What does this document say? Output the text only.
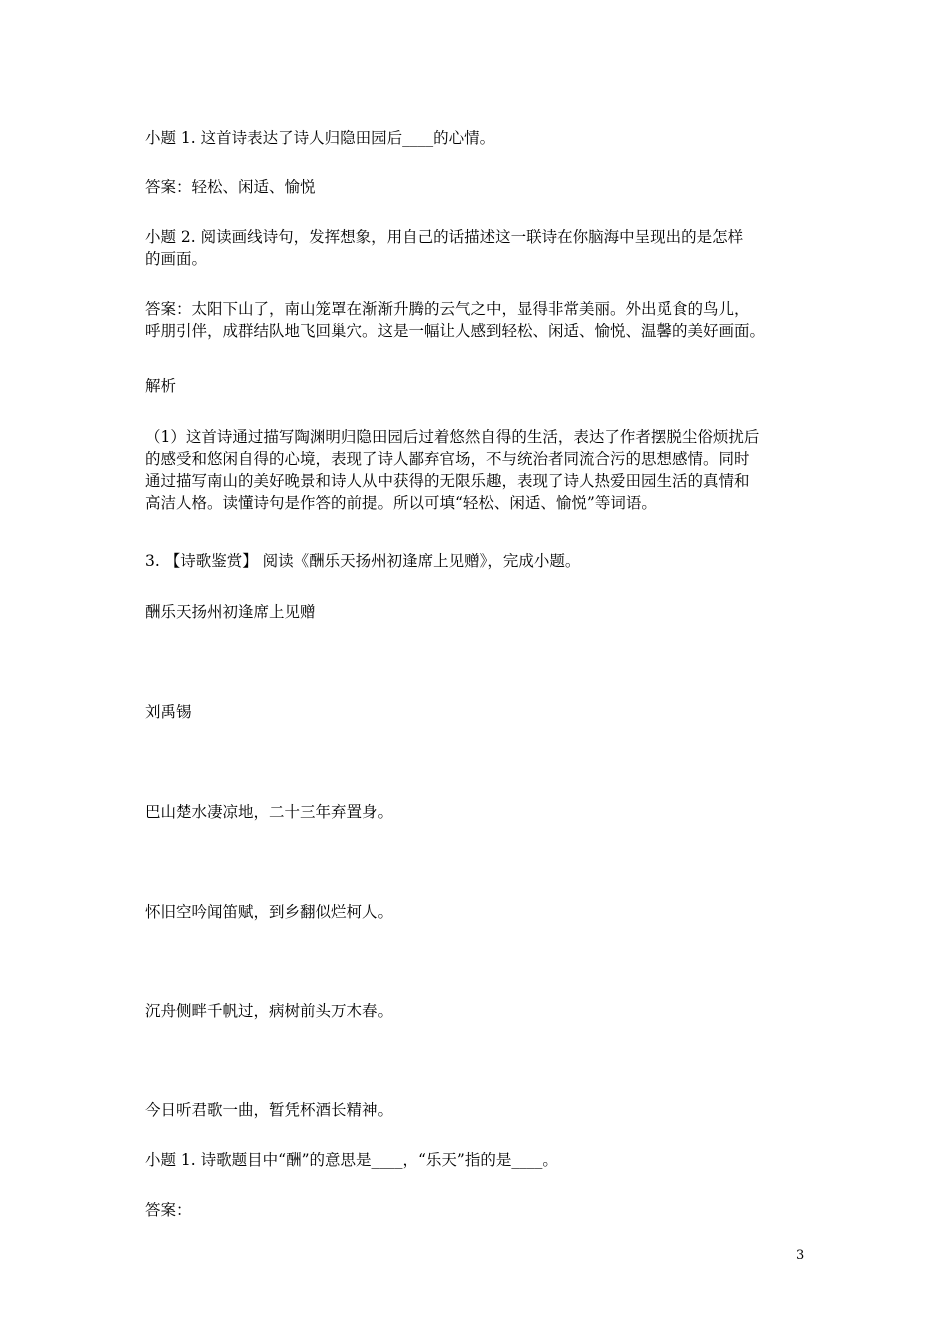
小题 1. 这首诗表达了诗人归隐田园后____的心情。
答案：轻松、闲适、愉悦
小题 2. 阅读画线诗句，发挥想象，用自己的话描述这一联诗在你脑海中呈现出的是怎样
的画面。
答案：太阳下山了，南山笼罩在渐渐升腾的云气之中，显得非常美丽。外出觅食的鸟儿，
呼朋引伴，成群结队地飞回巢穴。这是一幅让人感到轻松、闲适、愉悦、温馨的美好画面。
解析
（1）这首诗通过描写陶渊明归隐田园后过着悠然自得的生活，表达了作者摆脱尘俗烦扰后
的感受和悠闲自得的心境，表现了诗人鄙弃官场，不与统治者同流合污的思想感情。同时
通过描写南山的美好晚景和诗人从中获得的无限乐趣，表现了诗人热爱田园生活的真情和
高洁人格。读懂诗句是作答的前提。所以可填“轻松、闲适、愉悦”等词语。
3. 【诗歌鉴赏】 阅读《酬乐天扬州初逢席上见赠》，完成小题。
酬乐天扬州初逢席上见赠
刘禹锡
巴山楚水凄凉地，二十三年弃置身。
怀旧空吟闻笛赋，到乡翻似烂柯人。
沉舟侧畔千帆过，病树前头万木春。
今日听君歌一曲，暂凭杯酒长精神。
小题 1. 诗歌题目中“酬”的意思是____，“乐天”指的是____。
答案：
3
